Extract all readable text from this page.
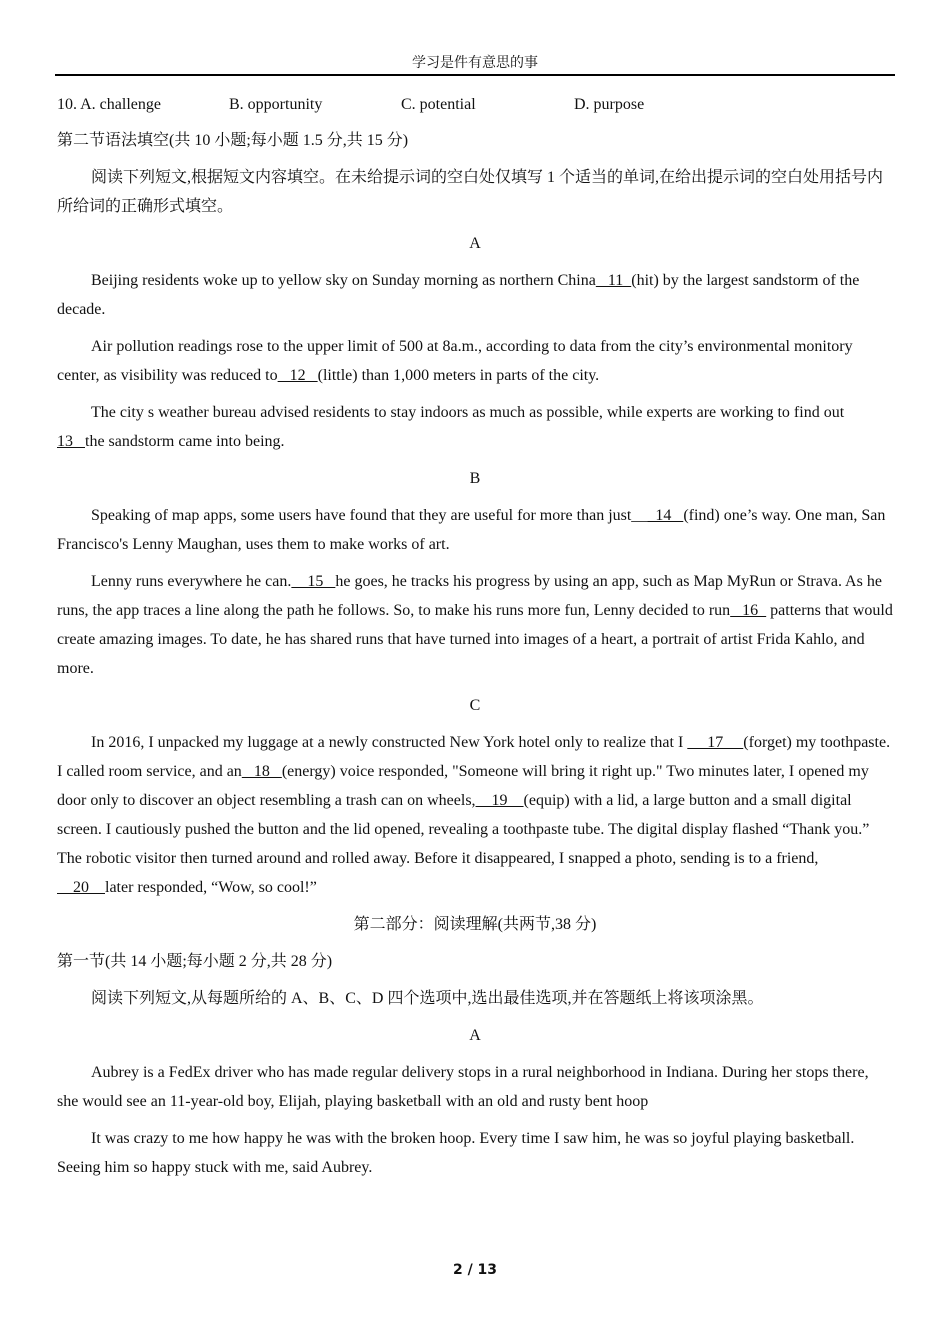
学习是件有意思的事
10. A. challenge	B. opportunity	C. potential	D. purpose
第二节语法填空(共 10 小题;每小题 1.5 分,共 15 分)
阅读下列短文,根据短文内容填空。在未给提示词的空白处仅填写 1 个适当的单词,在给出提示词的空白处用括号内所给词的正确形式填空。
A
Beijing residents woke up to yellow sky on Sunday morning as northern China   11  (hit) by the largest sandstorm of the decade.
Air pollution readings rose to the upper limit of 500 at 8a.m., according to data from the city’s environmental monitory center, as visibility was reduced to   12   (little) than 1,000 meters in parts of the city.
The city s weather bureau advised residents to stay indoors as much as possible, while experts are working to find out 13   the sandstorm came into being.
B
Speaking of map apps, some users have found that they are useful for more than just__  14   (find) one’s way. One man, San Francisco's Lenny Maughan, uses them to make works of art.
Lenny runs everywhere he can.    15   he goes, he tracks his progress by using an app, such as Map MyRun or Strava. As he runs, the app traces a line along the path he follows. So, to make his runs more fun, Lenny decided to run   16   patterns that would create amazing images. To date, he has shared runs that have turned into images of a heart, a portrait of artist Frida Kahlo, and more.
C
In 2016, I unpacked my luggage at a newly constructed New York hotel only to realize that I      17     (forget) my toothpaste. I called room service, and an   18   (energy) voice responded, "Someone will bring it right up." Two minutes later, I opened my door only to discover an object resembling a trash can on wheels,    19    (equip) with a lid, a large button and a small digital screen. I cautiously pushed the button and the lid opened, revealing a toothpaste tube. The digital display flashed “Thank you.” The robotic visitor then turned around and rolled away. Before it disappeared, I snapped a photo, sending is to a friend,    20    later responded, “Wow, so cool!”
第二部分：阅读理解(共两节,38 分)
第一节(共 14 小题;每小题 2 分,共 28 分)
阅读下列短文,从每题所给的 A、B、C、D 四个选项中,选出最佳选项,并在答题纸上将该项涂黑。
A
Aubrey is a FedEx driver who has made regular delivery stops in a rural neighborhood in Indiana. During her stops there, she would see an 11-year-old boy, Elijah, playing basketball with an old and rusty bent hoop
It was crazy to me how happy he was with the broken hoop. Every time I saw him, he was so joyful playing basketball. Seeing him so happy stuck with me, said Aubrey.
2 / 13
